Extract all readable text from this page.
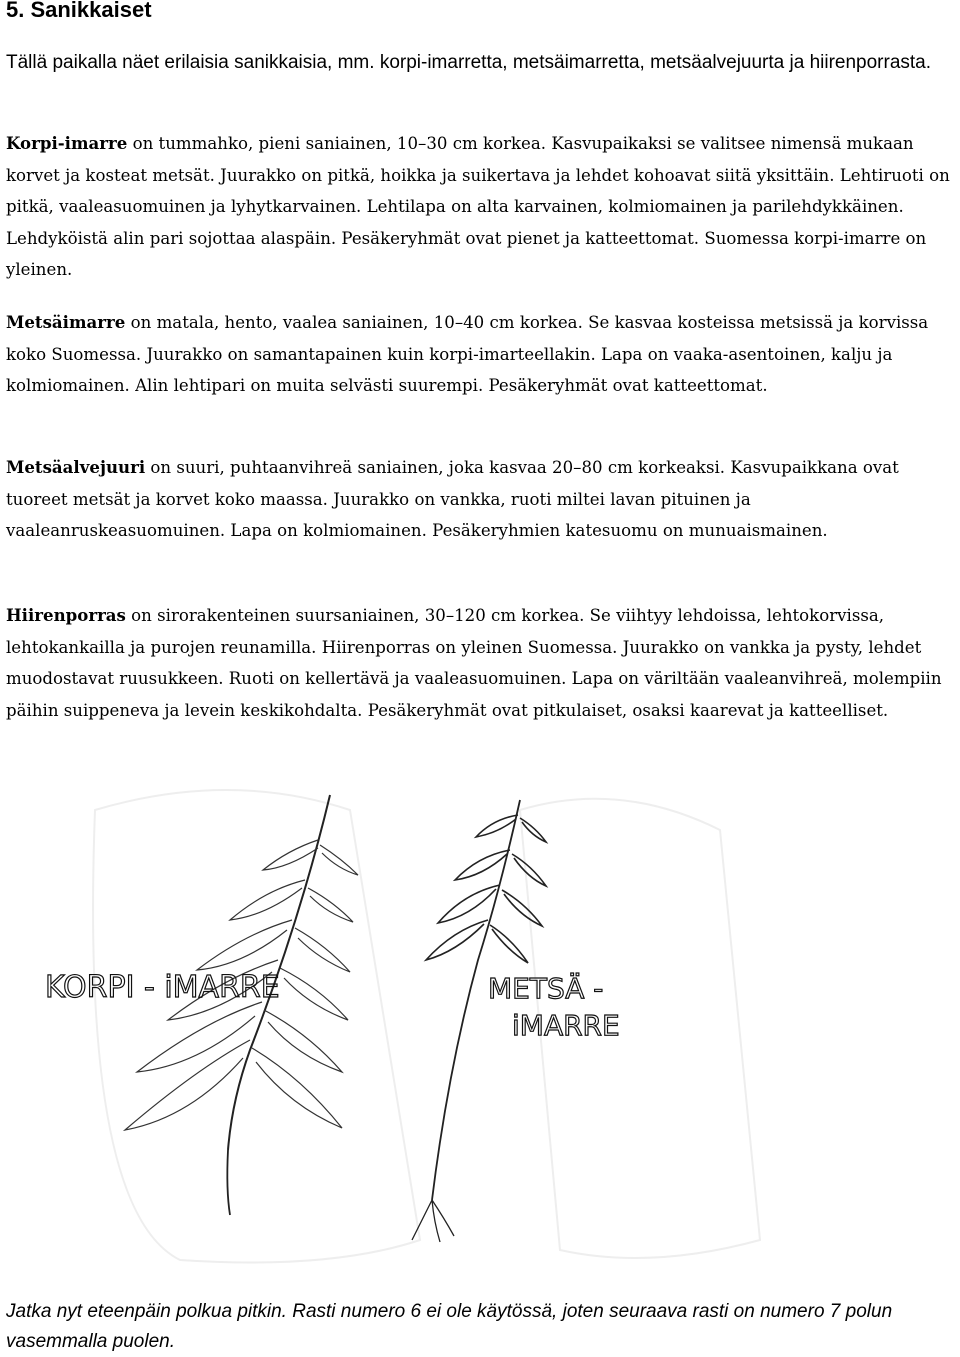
5. Sanikkaiset

Tällä paikalla näet erilaisia sanikkaisia, mm. korpi-imarretta, metsäimarretta, metsäalvejuurta ja hiirenporrasta.

Korpi-imarre on tummahko, pieni saniainen, 10–30 cm korkea. Kasvupaikaksi se valitsee nimensä mukaan korvet ja kosteat metsät. Juurakko on pitkä, hoikka ja suikertava ja lehdet kohoavat siitä yksittäin. Lehtiruoti on pitkä, vaaleasuomuinen ja lyhytkarvainen. Lehtilapa on alta karvainen, kolmiomainen ja parilehdykkäinen. Lehdyköistä alin pari sojottaa alaspäin. Pesäkeryhmät ovat pienet ja katteettomat. Suomessa korpi-imarre on yleinen.

Metsäimarre on matala, hento, vaalea saniainen, 10–40 cm korkea. Se kasvaa kosteissa metsissä ja korvissa koko Suomessa. Juurakko on samantapainen kuin korpi-imarteellakin. Lapa on vaaka-asentoinen, kalju ja kolmiomainen. Alin lehtipari on muita selvästi suurempi. Pesäkeryhmät ovat katteettomat.

Metsäalvejuuri on suuri, puhtaanvihreä saniainen, joka kasvaa 20–80 cm korkeaksi. Kasvupaikkana ovat tuoreet metsät ja korvet koko maassa. Juurakko on vankka, ruoti miltei lavan pituinen ja vaaleanruskeasuomuinen. Lapa on kolmiomainen. Pesäkeryhmien katesuomu on munuaismainen.

Hiirenporras on sirorakenteinen suursaniainen, 30–120 cm korkea. Se viihtyy lehdoissa, lehtokorvissa, lehtokankailla ja purojen reunamilla. Hiirenporras on yleinen Suomessa. Juurakko on vankka ja pysty, lehdet muodostavat ruusukkeen. Ruoti on kellertävä ja vaaleasuomuinen. Lapa on väriltään vaaleanvihreä, molempiin päihin suippeneva ja levein keskikohdalta. Pesäkeryhmät ovat pitkulaiset, osaksi kaarevat ja katteelliset.

KORPI - iMARRE	METSÄ -
iMARRE

Jatka nyt eteenpäin polkua pitkin. Rasti numero 6 ei ole käytössä, joten seuraava rasti on numero 7 polun vasemmalla puolen.
